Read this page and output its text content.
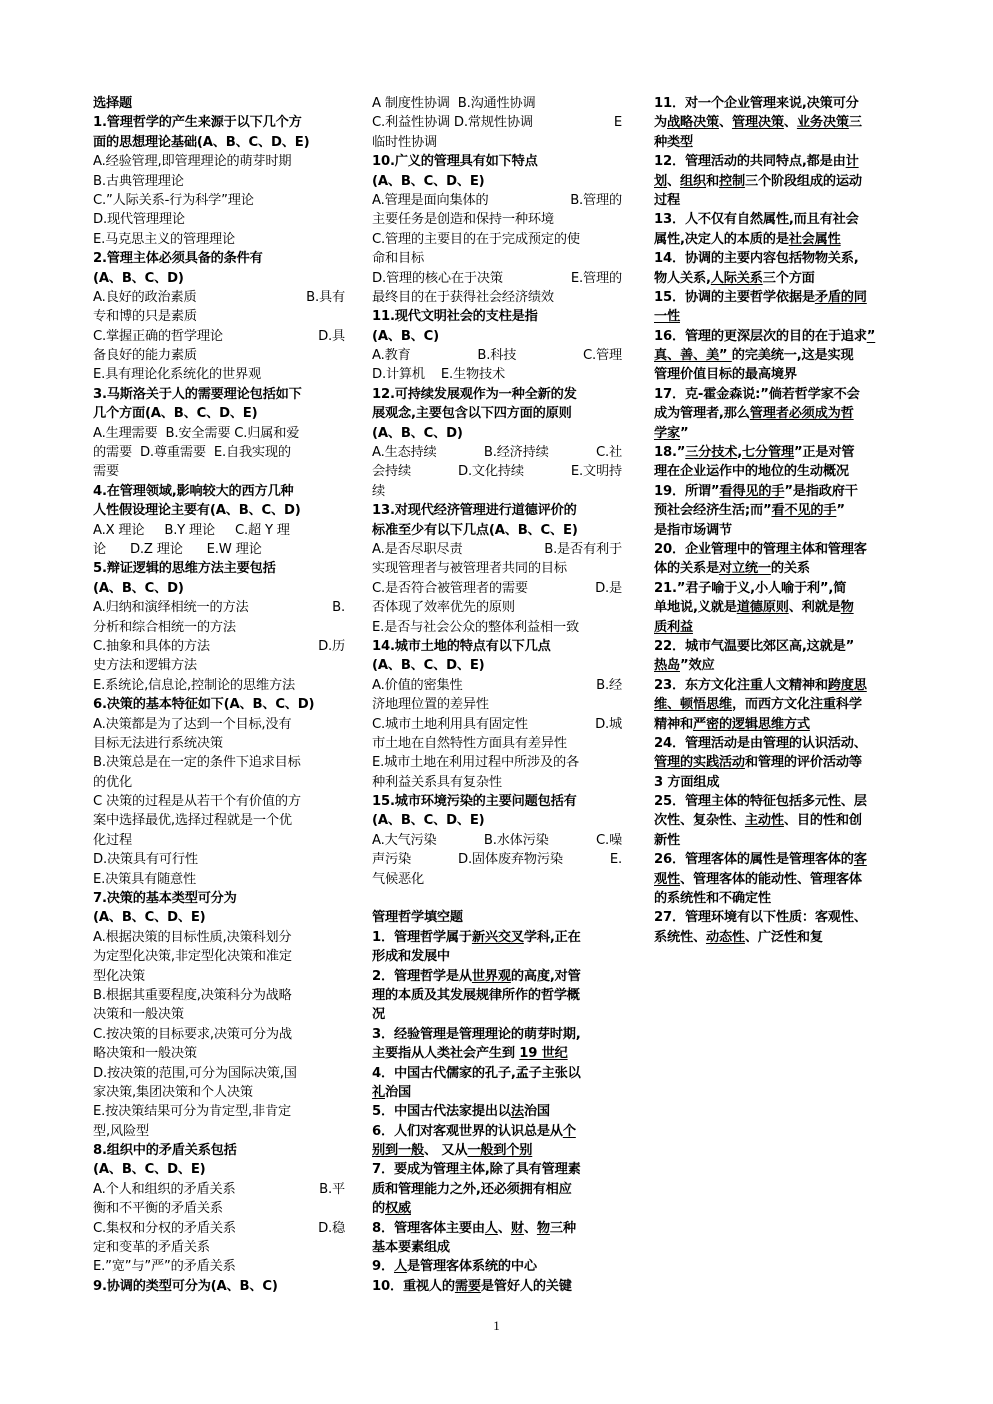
选择题
1.管理哲学的产生来源于以下几个方
面的思想理论基础(A、B、C、D、E)
A.经验管理,即管理理论的萌芽时期
B.古典管理理论
C.”人际关系-行为科学”理论
D.现代管理理论
E.马克思主义的管理理论
2.管理主体必须具备的条件有
(A、B、C、D)
A.良好的政治素质	B.具有
专和博的只是素质
C.掌握正确的哲学理论	D.具
备良好的能力素质
E.具有理论化系统化的世界观
3.马斯洛关于人的需要理论包括如下
几个方面(A、B、C、D、E)
A.生理需要  B.安全需要 C.归属和爱
的需要  D.尊重需要  E.自我实现的
需要
4.在管理领域,影响较大的西方几种
人性假设理论主要有(A、B、C、D)
A.X 理论     B.Y 理论     C.超 Y 理
论      D.Z 理论      E.W 理论
5.辩证逻辑的思维方法主要包括
(A、B、C、D)
A.归纳和演绎相统一的方法	B.
分析和综合相统一的方法
C.抽象和具体的方法	D.历
史方法和逻辑方法
E.系统论,信息论,控制论的思维方法
6.决策的基本特征如下(A、B、C、D)
A.决策都是为了达到一个目标,没有
目标无法进行系统决策
B.决策总是在一定的条件下追求目标
的优化
C 决策的过程是从若干个有价值的方
案中选择最优,选择过程就是一个优
化过程
D.决策具有可行性
E.决策具有随意性
7.决策的基本类型可分为
(A、B、C、D、E)
A.根据决策的目标性质,决策科划分
为定型化决策,非定型化决策和准定
型化决策
B.根据其重要程度,决策科分为战略
决策和一般决策
C.按决策的目标要求,决策可分为战
略决策和一般决策
D.按决策的范围,可分为国际决策,国
家决策,集团决策和个人决策
E.按决策结果可分为肯定型,非肯定
型,风险型
8.组织中的矛盾关系包括
(A、B、C、D、E)
A.个人和组织的矛盾关系	B.平
衡和不平衡的矛盾关系
C.集权和分权的矛盾关系	D.稳
定和变革的矛盾关系
E.”宽”与”严”的矛盾关系
9.协调的类型可分为(A、B、C)
A 制度性协调  B.沟通性协调
C.利益性协调 D.常规性协调	E
临时性协调
10.广义的管理具有如下特点
(A、B、C、D、E)
A.管理是面向集体的	B.管理的
主要任务是创造和保持一种环境
C.管理的主要目的在于完成预定的使
命和目标
D.管理的核心在于决策	E.管理的
最终目的在于获得社会经济绩效
11.现代文明社会的支柱是指
(A、B、C)
A.教育	B.科技	C.管理
D.计算机    E.生物技术
12.可持续发展观作为一种全新的发
展观念,主要包含以下四方面的原则
(A、B、C、D)
A.生态持续	B.经济持续	C.社
会持续	D.文化持续	E.文明持
续
13.对现代经济管理进行道德评价的
标准至少有以下几点(A、B、C、E)
A.是否尽职尽责	B.是否有利于
实现管理者与被管理者共同的目标
C.是否符合被管理者的需要	D.是
否体现了效率优先的原则
E.是否与社会公众的整体利益相一致
14.城市土地的特点有以下几点
(A、B、C、D、E)
A.价值的密集性	B.经
济地理位置的差异性
C.城市土地利用具有固定性	D.城
市土地在自然特性方面具有差异性
E.城市土地在利用过程中所涉及的各
种利益关系具有复杂性
15.城市环境污染的主要问题包括有
(A、B、C、D、E)
A.大气污染	B.水体污染	C.噪
声污染	D.固体废弃物污染	E.
气候恶化
管理哲学填空题
1．管理哲学属于新兴交叉学科,正在
形成和发展中
2．管理哲学是从世界观的高度,对管
理的本质及其发展规律所作的哲学概
况
3．经验管理是管理理论的萌芽时期,
主要指从人类社会产生到 19 世纪
4．中国古代儒家的孔子,孟子主张以
礼治国
5．中国古代法家提出以法治国
6．人们对客观世界的认识总是从个
别到一般、 又从一般到个别
7．要成为管理主体,除了具有管理素
质和管理能力之外,还必须拥有相应
的权威
8．管理客体主要由人、财、物三种
基本要素组成
9．人是管理客体系统的中心
10．重视人的需要是管好人的关键
11．对一个企业管理来说,决策可分
为战略决策、管理决策、业务决策三
种类型
12．管理活动的共同特点,都是由计
划、组织和控制三个阶段组成的运动
过程
13．人不仅有自然属性,而且有社会
属性,决定人的本质的是社会属性
14．协调的主要内容包括物物关系,
物人关系,人际关系三个方面
15．协调的主要哲学依据是矛盾的同
一性
16．管理的更深层次的目的在于追求”
真、善、美” 的完美统一,这是实现
管理价值目标的最高境界
17．克-霍金森说:”倘若哲学家不会
成为管理者,那么管理者必须成为哲
学家”
18.”三分技术,七分管理”正是对管
理在企业运作中的地位的生动概况
19．所谓”看得见的手”是指政府干
预社会经济生活;而”看不见的手”
是指市场调节
20．企业管理中的管理主体和管理客
体的关系是对立统一的关系
21.”君子喻于义,小人喻于利”,简
单地说,义就是道德原则、利就是物
质利益
22．城市气温要比郊区高,这就是”
热岛”效应
23．东方文化注重人文精神和跨度思
维、顿悟思维，而西方文化注重科学
精神和严密的逻辑思维方式
24．管理活动是由管理的认识活动、
管理的实践活动和管理的评价活动等
3 方面组成
25．管理主体的特征包括多元性、层
次性、复杂性、主动性、目的性和创
新性
26．管理客体的属性是管理客体的客
观性、管理客体的能动性、管理客体
的系统性和不确定性
27．管理环境有以下性质：客观性、
系统性、动态性、广泛性和复
1
